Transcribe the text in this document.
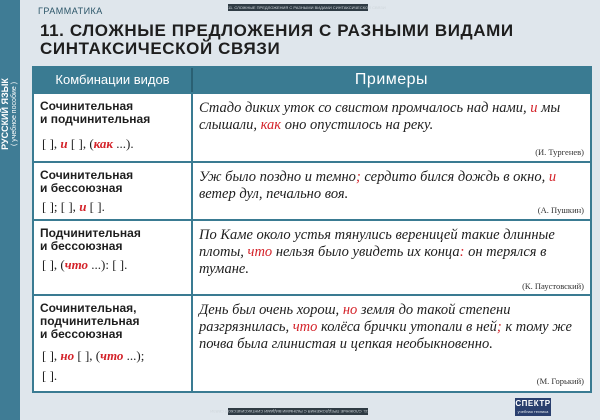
РУССКИЙ ЯЗЫК ( учебное пособие )
11. СЛОЖНЫЕ ПРЕДЛОЖЕНИЯ С РАЗНЫМИ ВИДАМИ СИНТАКСИЧЕСКОЙ СВЯЗИ
11. СЛОЖНЫЕ ПРЕДЛОЖЕНИЯ С РАЗНЫМИ ВИДАМИ СИНТАКСИЧЕСКОЙ СВЯЗИ
ГРАММАТИКА
11. СЛОЖНЫЕ ПРЕДЛОЖЕНИЯ С РАЗНЫМИ ВИДАМИ
СИНТАКСИЧЕСКОЙ СВЯЗИ
Комбинации видов	Примеры
Сочинительная
и подчинительная
[ ], и [ ], (как ...).
Стадо диких уток со свистом промчалось над нами, и мы слышали, как оно опустилось на реку.
(И. Тургенев)
Сочинительная
и бессоюзная
[ ]; [ ], и [ ].
Уж было поздно и темно; сердито бился дождь в окно, и ветер дул, печально воя.
(А. Пушкин)
Подчинительная
и бессоюзная
[ ], (что ...): [ ].
По Каме около устья тянулись вереницей такие длинные плоты, что нельзя было увидеть их конца: он терялся в тумане.
(К. Паустовский)
Сочинительная,
подчинительная
и бессоюзная
[ ], но [ ], (что ...);
[ ].
День был очень хорош, но земля до такой степени разгрязнилась, что колёса брички утопали в ней; к тому же почва была глинистая и цепкая необыкновенно.
(М. Горький)
СПЕКТР
учебная техника
